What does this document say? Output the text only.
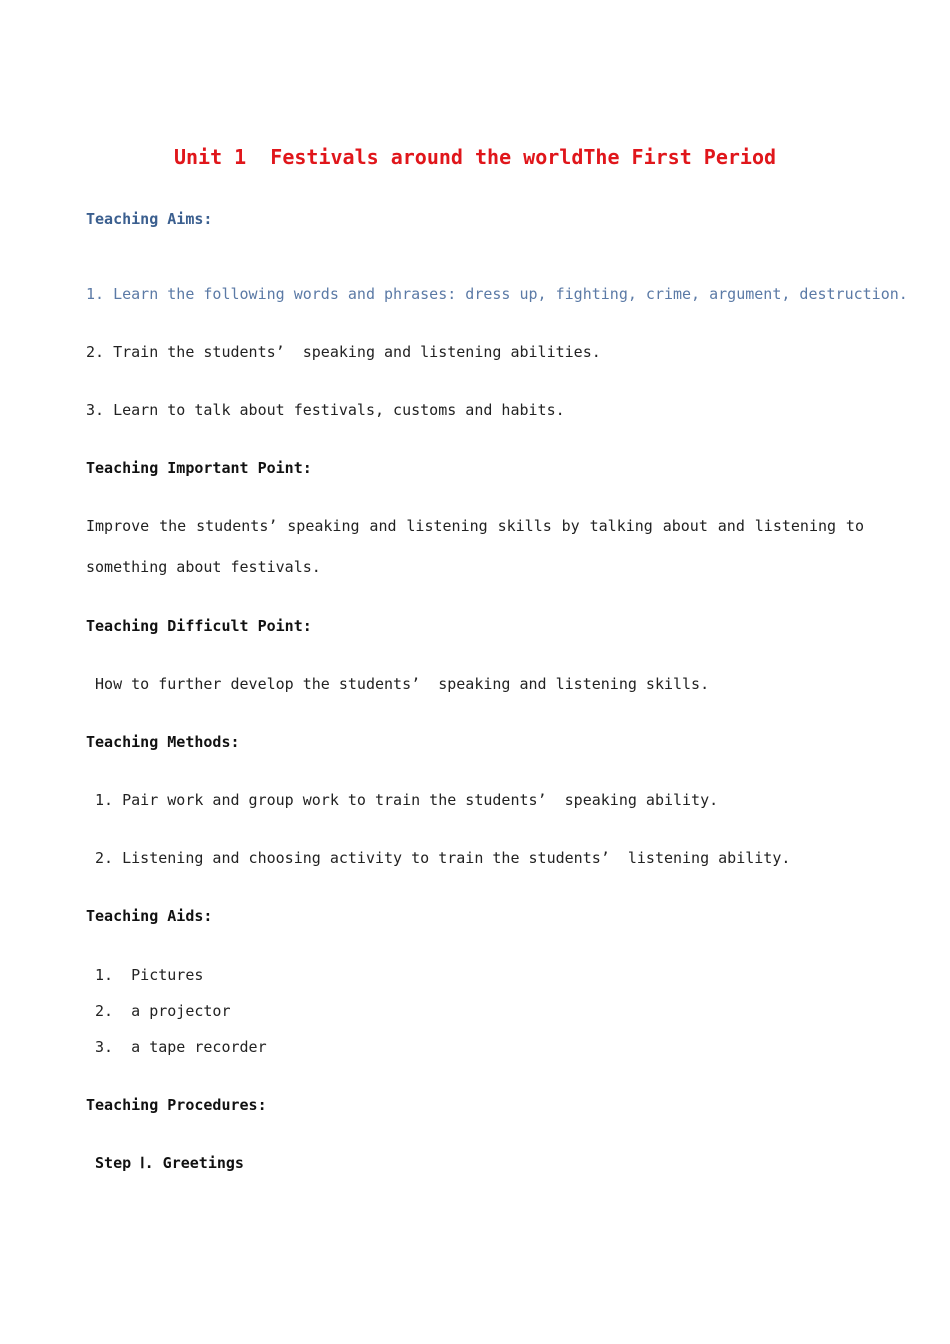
Unit 1  Festivals around the worldThe First Period
Teaching Aims:
1. Learn the following words and phrases: dress up, fighting, crime, argument, destruction.
2. Train the students’  speaking and listening abilities.
3. Learn to talk about festivals, customs and habits.
Teaching Important Point:
Improve the students’ speaking and listening skills by talking about and listening to something about festivals.
Teaching Difficult Point:
How to further develop the students’  speaking and listening skills.
Teaching Methods:
1. Pair work and group work to train the students’  speaking ability.
2. Listening and choosing activity to train the students’  listening ability.
Teaching Aids:
1.  Pictures
2.  a projector
3.  a tape recorder
Teaching Procedures:
Step Ⅰ. Greetings
